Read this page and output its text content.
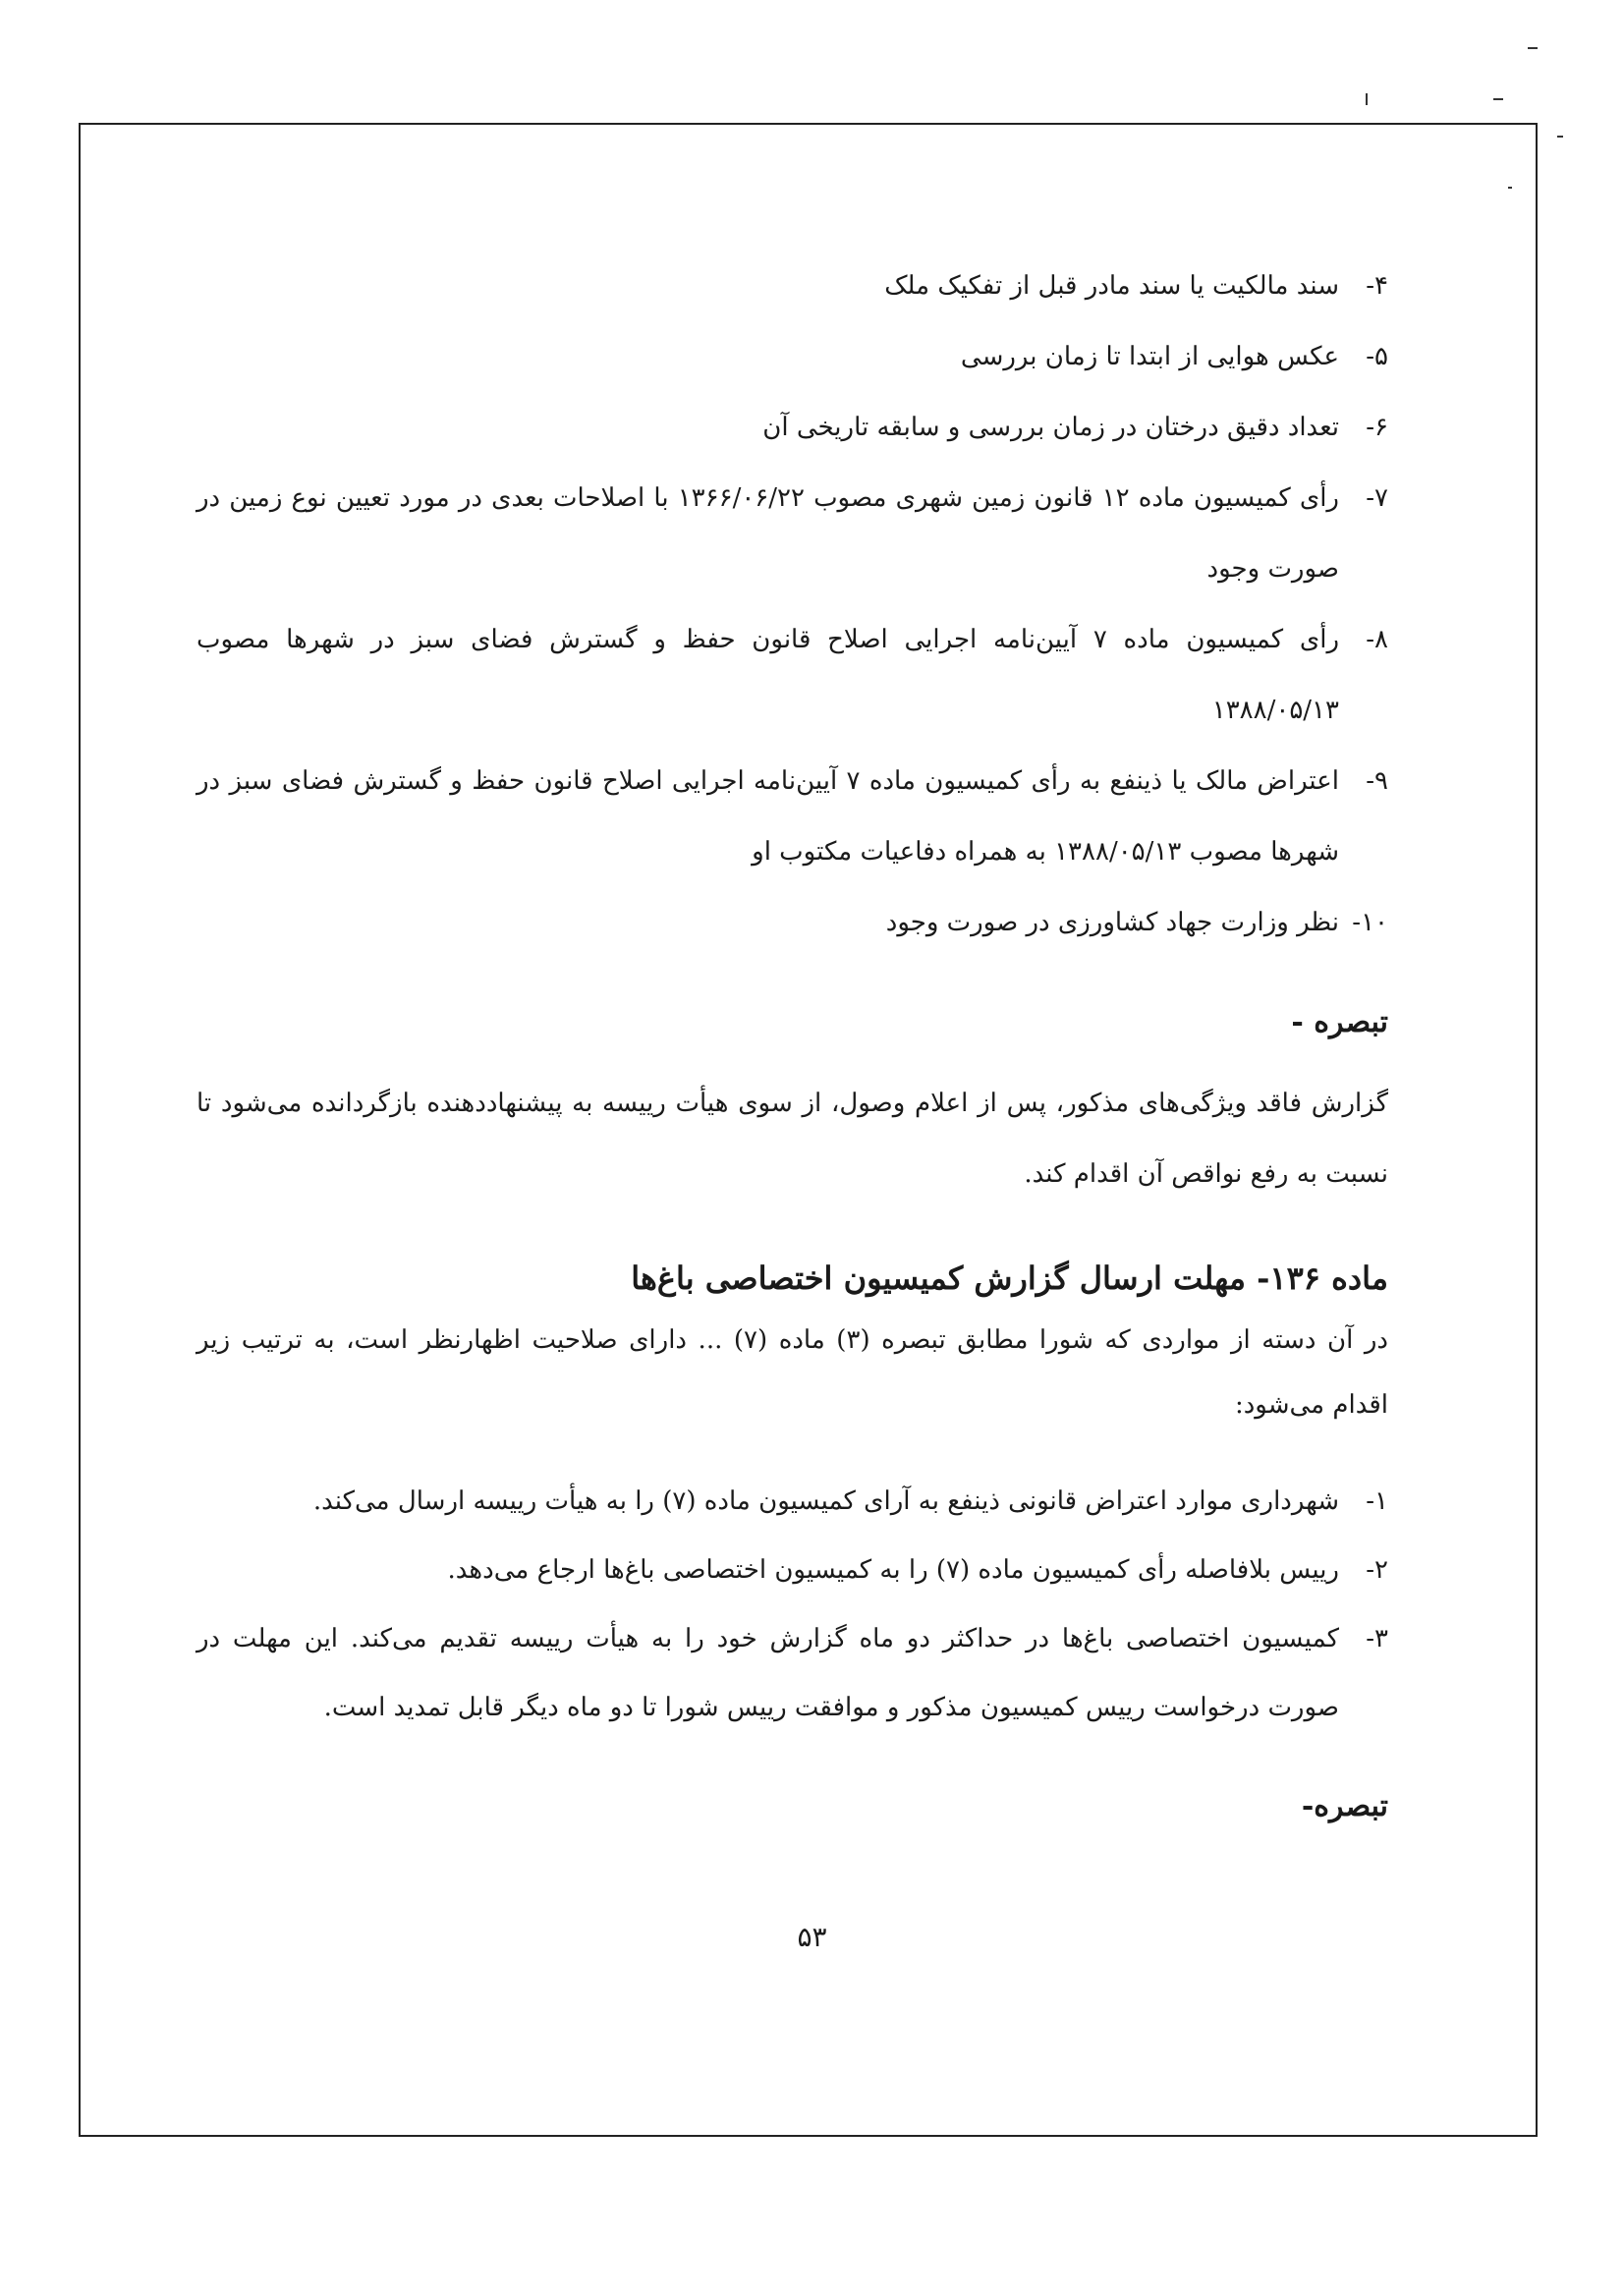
۴-
سند مالکیت یا سند مادر قبل از تفکیک ملک
۵-
عکس هوایی از ابتدا تا زمان بررسی
۶-
تعداد دقیق درختان در زمان بررسی و سابقه تاریخی آن
۷-
رأی کمیسیون ماده ۱۲ قانون زمین شهری مصوب ۱۳۶۶/۰۶/۲۲ با اصلاحات بعدی در مورد تعیین نوع زمین در صورت وجود
۸-
رأی کمیسیون ماده ۷ آیین‌نامه اجرایی اصلاح قانون حفظ و گسترش فضای سبز در شهرها مصوب ۱۳۸۸/۰۵/۱۳
۹-
اعتراض مالک یا ذینفع به رأی کمیسیون ماده ۷ آیین‌نامه اجرایی اصلاح قانون حفظ و گسترش فضای سبز در شهرها مصوب ۱۳۸۸/۰۵/۱۳ به همراه دفاعیات مکتوب او
۱۰-
نظر وزارت جهاد کشاورزی در صورت وجود
تبصره -
گزارش فاقد ویژگی‌های مذکور، پس از اعلام وصول، از سوی هیأت رییسه به پیشنهاددهنده بازگردانده می‌شود تا نسبت به رفع نواقص آن اقدام کند.
ماده ۱۳۶- مهلت ارسال گزارش کمیسیون اختصاصی باغ‌ها
در آن دسته از مواردی که شورا مطابق تبصره (۳) ماده (۷) ... دارای صلاحیت اظهارنظر است، به ترتیب زیر اقدام می‌شود:
۱-
شهرداری موارد اعتراض قانونی ذینفع به آرای کمیسیون ماده (۷) را به هیأت رییسه ارسال می‌کند.
۲-
رییس بلافاصله رأی کمیسیون ماده (۷) را به کمیسیون اختصاصی باغ‌ها ارجاع می‌دهد.
۳-
کمیسیون اختصاصی باغ‌ها در حداکثر دو ماه گزارش خود را به هیأت رییسه تقدیم می‌کند. این مهلت در صورت درخواست رییس کمیسیون مذکور و موافقت رییس شورا تا دو ماه دیگر قابل تمدید است.
تبصره-
۵۳
